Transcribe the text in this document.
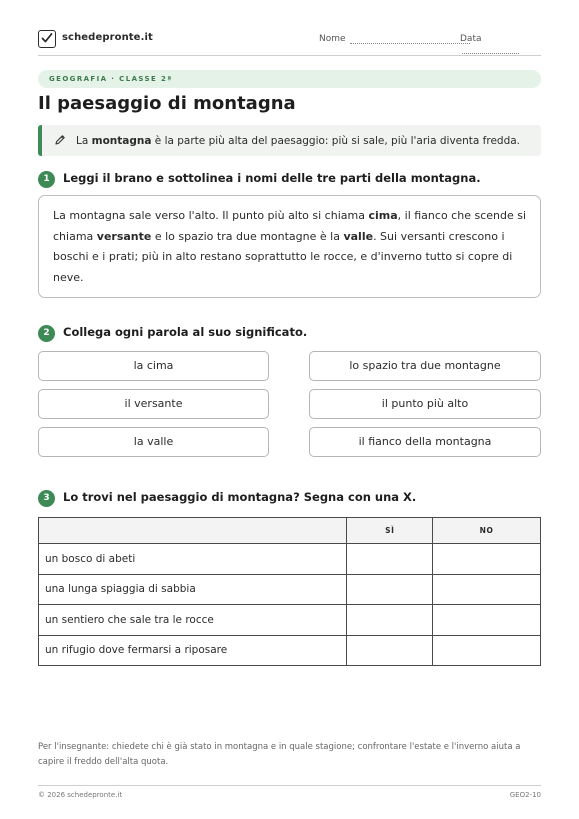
schedepronte.it	Nome	Data
GEOGRAFIA · CLASSE 2ª
Il paesaggio di montagna
La montagna è la parte più alta del paesaggio: più si sale, più l'aria diventa fredda.
1 Leggi il brano e sottolinea i nomi delle tre parti della montagna.
La montagna sale verso l'alto. Il punto più alto si chiama cima, il fianco che scende si chiama versante e lo spazio tra due montagne è la valle. Sui versanti crescono i boschi e i prati; più in alto restano soprattutto le rocce, e d'inverno tutto si copre di neve.
2 Collega ogni parola al suo significato.
la cima
il versante
la valle
lo spazio tra due montagne
il punto più alto
il fianco della montagna
3 Lo trovi nel paesaggio di montagna? Segna con una X.
	SÌ	NO
un bosco di abeti		
una lunga spiaggia di sabbia		
un sentiero che sale tra le rocce		
un rifugio dove fermarsi a riposare		
Per l'insegnante: chiedete chi è già stato in montagna e in quale stagione; confrontare l'estate e l'inverno aiuta a capire il freddo dell'alta quota.
© 2026 schedepronte.it	GEO2-10
